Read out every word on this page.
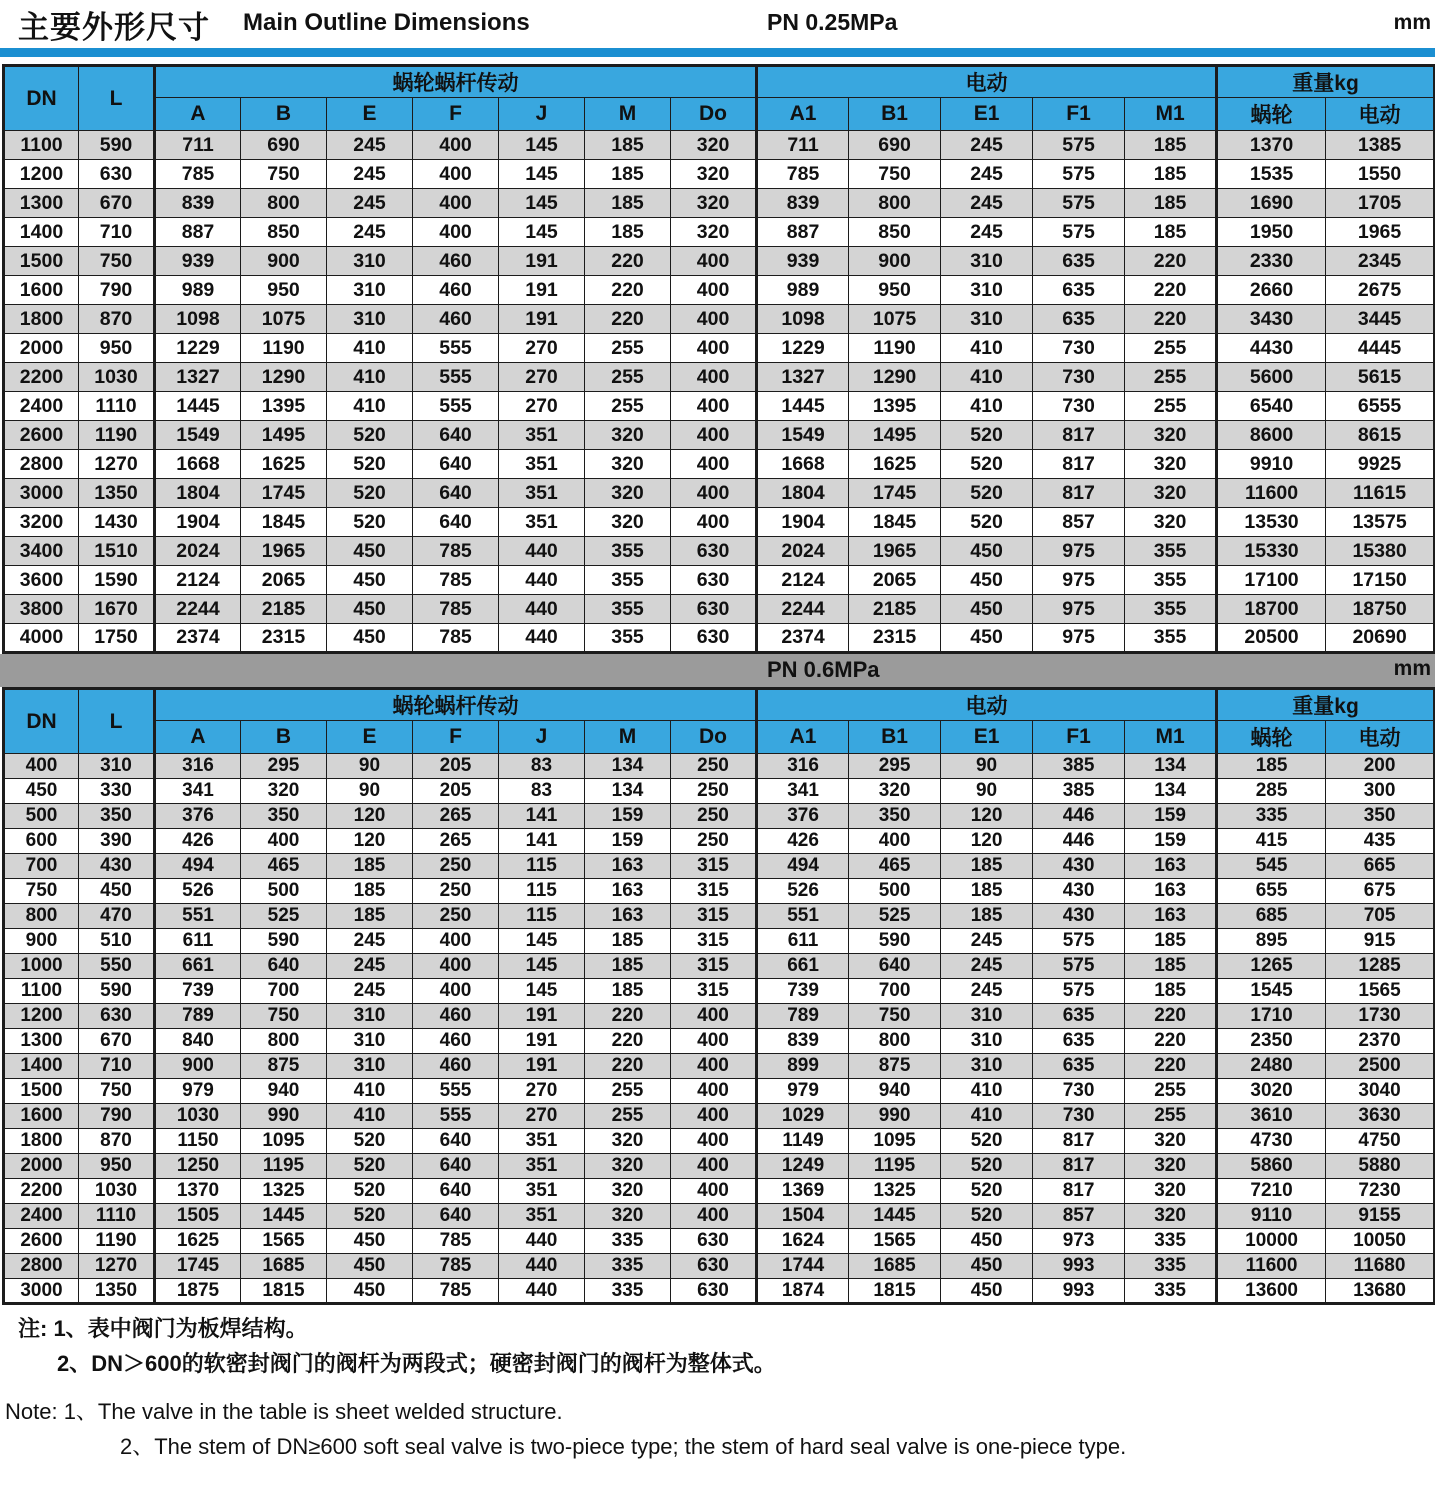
主要外形尺寸 Main Outline Dimensions	PN 0.25MPa	mm
DN	L	蜗轮蜗杆传动							电动					重量kg	
		A	B	E	F	J	M	Do	A1	B1	E1	F1	M1	蜗轮	电动
1100	590	711	690	245	400	145	185	320	711	690	245	575	185	1370	1385
1200	630	785	750	245	400	145	185	320	785	750	245	575	185	1535	1550
1300	670	839	800	245	400	145	185	320	839	800	245	575	185	1690	1705
1400	710	887	850	245	400	145	185	320	887	850	245	575	185	1950	1965
1500	750	939	900	310	460	191	220	400	939	900	310	635	220	2330	2345
1600	790	989	950	310	460	191	220	400	989	950	310	635	220	2660	2675
1800	870	1098	1075	310	460	191	220	400	1098	1075	310	635	220	3430	3445
2000	950	1229	1190	410	555	270	255	400	1229	1190	410	730	255	4430	4445
2200	1030	1327	1290	410	555	270	255	400	1327	1290	410	730	255	5600	5615
2400	1110	1445	1395	410	555	270	255	400	1445	1395	410	730	255	6540	6555
2600	1190	1549	1495	520	640	351	320	400	1549	1495	520	817	320	8600	8615
2800	1270	1668	1625	520	640	351	320	400	1668	1625	520	817	320	9910	9925
3000	1350	1804	1745	520	640	351	320	400	1804	1745	520	817	320	11600	11615
3200	1430	1904	1845	520	640	351	320	400	1904	1845	520	857	320	13530	13575
3400	1510	2024	1965	450	785	440	355	630	2024	1965	450	975	355	15330	15380
3600	1590	2124	2065	450	785	440	355	630	2124	2065	450	975	355	17100	17150
3800	1670	2244	2185	450	785	440	355	630	2244	2185	450	975	355	18700	18750
4000	1750	2374	2315	450	785	440	355	630	2374	2315	450	975	355	20500	20690
PN 0.6MPa	mm
DN	L	蜗轮蜗杆传动							电动					重量kg	
		A	B	E	F	J	M	Do	A1	B1	E1	F1	M1	蜗轮	电动
400	310	316	295	90	205	83	134	250	316	295	90	385	134	185	200
450	330	341	320	90	205	83	134	250	341	320	90	385	134	285	300
500	350	376	350	120	265	141	159	250	376	350	120	446	159	335	350
600	390	426	400	120	265	141	159	250	426	400	120	446	159	415	435
700	430	494	465	185	250	115	163	315	494	465	185	430	163	545	665
750	450	526	500	185	250	115	163	315	526	500	185	430	163	655	675
800	470	551	525	185	250	115	163	315	551	525	185	430	163	685	705
900	510	611	590	245	400	145	185	315	611	590	245	575	185	895	915
1000	550	661	640	245	400	145	185	315	661	640	245	575	185	1265	1285
1100	590	739	700	245	400	145	185	315	739	700	245	575	185	1545	1565
1200	630	789	750	310	460	191	220	400	789	750	310	635	220	1710	1730
1300	670	840	800	310	460	191	220	400	839	800	310	635	220	2350	2370
1400	710	900	875	310	460	191	220	400	899	875	310	635	220	2480	2500
1500	750	979	940	410	555	270	255	400	979	940	410	730	255	3020	3040
1600	790	1030	990	410	555	270	255	400	1029	990	410	730	255	3610	3630
1800	870	1150	1095	520	640	351	320	400	1149	1095	520	817	320	4730	4750
2000	950	1250	1195	520	640	351	320	400	1249	1195	520	817	320	5860	5880
2200	1030	1370	1325	520	640	351	320	400	1369	1325	520	817	320	7210	7230
2400	1110	1505	1445	520	640	351	320	400	1504	1445	520	857	320	9110	9155
2600	1190	1625	1565	450	785	440	335	630	1624	1565	450	973	335	10000	10050
2800	1270	1745	1685	450	785	440	335	630	1744	1685	450	993	335	11600	11680
3000	1350	1875	1815	450	785	440	335	630	1874	1815	450	993	335	13600	13680
注: 1、表中阀门为板焊结构。
2、DN＞600的软密封阀门的阀杆为两段式；硬密封阀门的阀杆为整体式。
Note: 1、The valve in the table is sheet welded structure.
2、The stem of DN≥600 soft seal valve is two-piece type; the stem of hard seal valve is one-piece type.
